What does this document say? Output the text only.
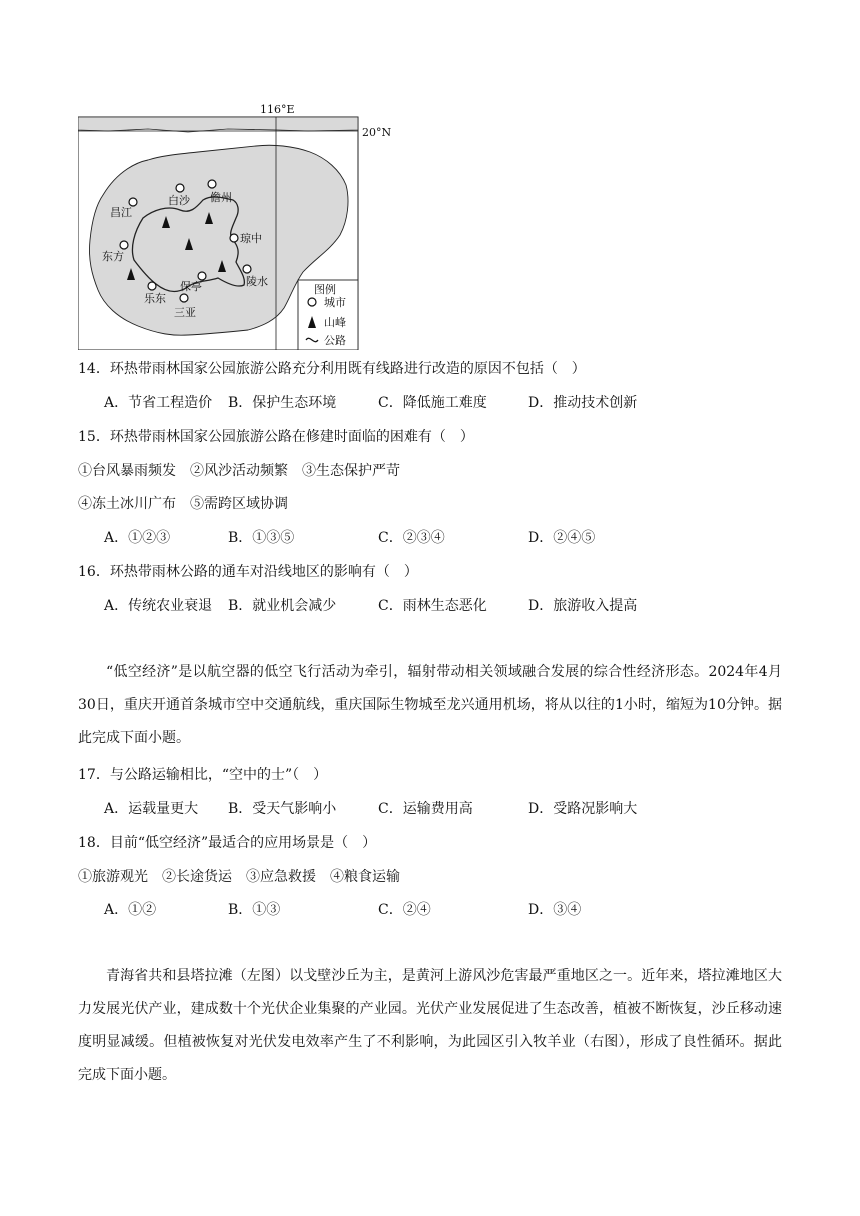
116°E
20°N
昌江
白沙 儋州
琼中
东方
乐东
保亭	陵水
三亚
图例
城市
山峰
公路
14．环热带雨林国家公园旅游公路充分利用既有线路进行改造的原因不包括（　）
A．节省工程造价 B．保护生态环境	C．降低施工难度	D．推动技术创新
15．环热带雨林国家公园旅游公路在修建时面临的困难有（　）
①台风暴雨频发　②风沙活动频繁　③生态保护严苛
④冻土冰川广布　⑤需跨区域协调
A．①②③	B．①③⑤	C．②③④	D．②④⑤
16．环热带雨林公路的通车对沿线地区的影响有（　）
A．传统农业衰退 B．就业机会减少	C．雨林生态恶化	D．旅游收入提高

“低空经济”是以航空器的低空飞行活动为牵引，辐射带动相关领域融合发展的综合性经济形态。2024年4月30日，重庆开通首条城市空中交通航线，重庆国际生物城至龙兴通用机场，将从以往的1小时，缩短为10分钟。据此完成下面小题。

17．与公路运输相比，“空中的士”（　）
A．运载量更大 B．受天气影响小	C．运输费用高	D．受路况影响大
18．目前“低空经济”最适合的应用场景是（　）
①旅游观光　②长途货运　③应急救援　④粮食运输
A．①②	B．①③	C．②④	D．③④

青海省共和县塔拉滩（左图）以戈壁沙丘为主，是黄河上游风沙危害最严重地区之一。近年来，塔拉滩地区大力发展光伏产业，建成数十个光伏企业集聚的产业园。光伏产业发展促进了生态改善，植被不断恢复，沙丘移动速度明显减缓。但植被恢复对光伏发电效率产生了不利影响，为此园区引入牧羊业（右图），形成了良性循环。据此完成下面小题。
